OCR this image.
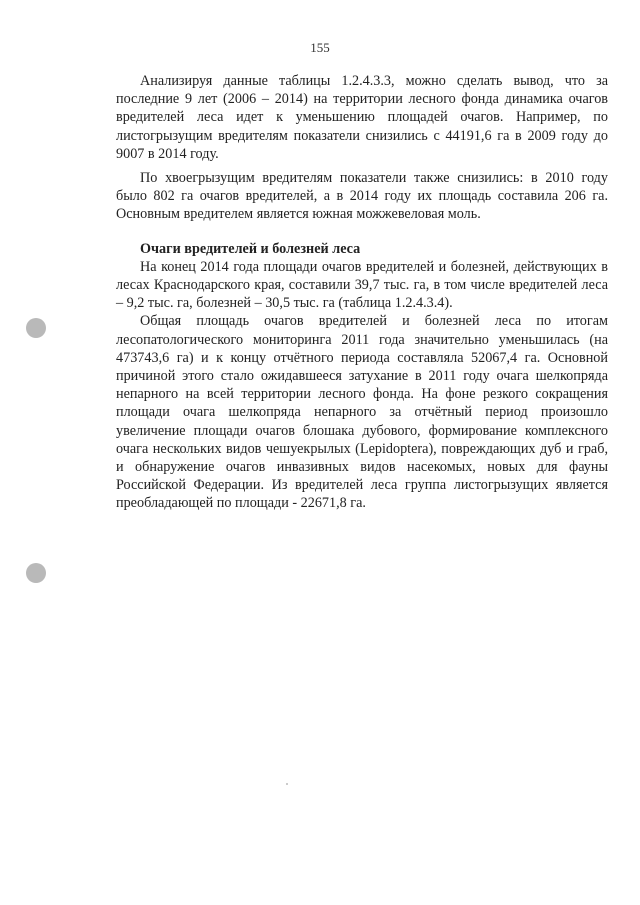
155

Анализируя данные таблицы 1.2.4.3.3, можно сделать вывод, что за последние 9 лет (2006 – 2014) на территории лесного фонда динамика очагов вредителей леса идет к уменьшению площадей очагов. Например, по листогрызущим вредителям показатели снизились с 44191,6 га в 2009 году до 9007 в 2014 году.

По хвоегрызущим вредителям показатели также снизились: в 2010 году было 802 га очагов вредителей, а в 2014 году их площадь составила 206 га. Основным вредителем является южная можжевеловая моль.

Очаги вредителей и болезней леса

На конец 2014 года площади очагов вредителей и болезней, действующих в лесах Краснодарского края, составили 39,7 тыс. га, в том числе вредителей леса – 9,2 тыс. га, болезней – 30,5 тыс. га (таблица 1.2.4.3.4).

Общая площадь очагов вредителей и болезней леса по итогам лесопатологического мониторинга 2011 года значительно уменьшилась (на 473743,6 га) и к концу отчётного периода составляла 52067,4 га. Основной причиной этого стало ожидавшееся затухание в 2011 году очага шелкопряда непарного на всей территории лесного фонда. На фоне резкого сокращения площади очага шелкопряда непарного за отчётный период произошло увеличение площади очагов блошака дубового, формирование комплексного очага нескольких видов чешуекрылых (Lepidoptera), повреждающих дуб и граб, и обнаружение очагов инвазивных видов насекомых, новых для фауны Российской Федерации. Из вредителей леса группа листогрызущих является преобладающей по площади - 22671,8 га.
